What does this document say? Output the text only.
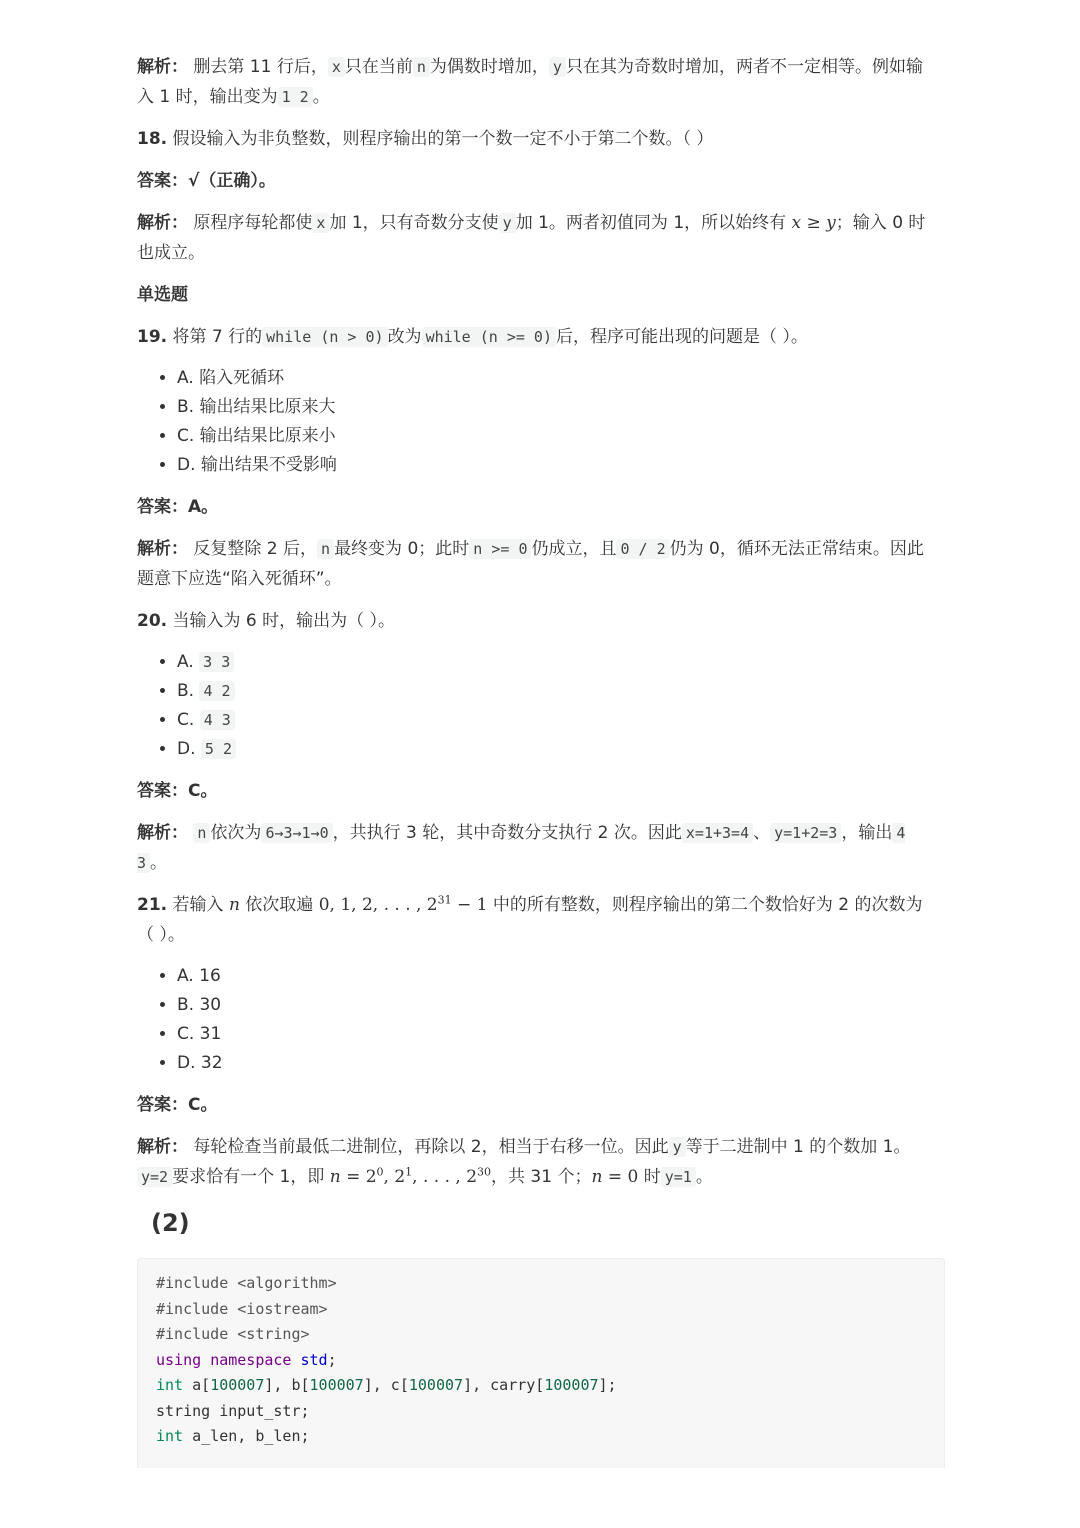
解析： 删去第 11 行后， x 只在当前 n 为偶数时增加， y 只在其为奇数时增加，两者不一定相等。例如输入 1 时，输出变为 1 2 。

18. 假设输入为非负整数，则程序输出的第一个数一定不小于第二个数。（ ）

答案：√（正确）。

解析： 原程序每轮都使 x 加 1，只有奇数分支使 y 加 1。两者初值同为 1，所以始终有 x ≥ y；输入 0 时也成立。

单选题

19. 将第 7 行的 while (n > 0) 改为 while (n >= 0) 后，程序可能出现的问题是（ ）。

• A. 陷入死循环
• B. 输出结果比原来大
• C. 输出结果比原来小
• D. 输出结果不受影响

答案：A。

解析： 反复整除 2 后， n 最终变为 0；此时 n >= 0 仍成立，且 0 / 2 仍为 0，循环无法正常结束。因此题意下应选“陷入死循环”。

20. 当输入为 6 时，输出为（ ）。

• A. 3 3
• B. 4 2
• C. 4 3
• D. 5 2

答案：C。

解析： n 依次为 6→3→1→0 ，共执行 3 轮，其中奇数分支执行 2 次。因此 x=1+3=4 、 y=1+2=3 ，输出 4 3 。

21. 若输入 n 依次取遍 0, 1, 2, . . . , $2^{31} - 1$ 中的所有整数，则程序输出的第二个数恰好为 2 的次数为（ ）。

• A. 16
• B. 30
• C. 31
• D. 32

答案：C。

解析： 每轮检查当前最低二进制位，再除以 2，相当于右移一位。因此 y 等于二进制中 1 的个数加 1。y=2 要求恰有一个 1，即 $n = 2^0$, $2^1$, . . . , $2^{30}$，共 31 个；n = 0 时 y=1 。

(2)
#include <algorithm>
#include <iostream>
#include <string>
using namespace std;
int a[100007], b[100007], c[100007], carry[100007];
string input_str;
int a_len, b_len;
